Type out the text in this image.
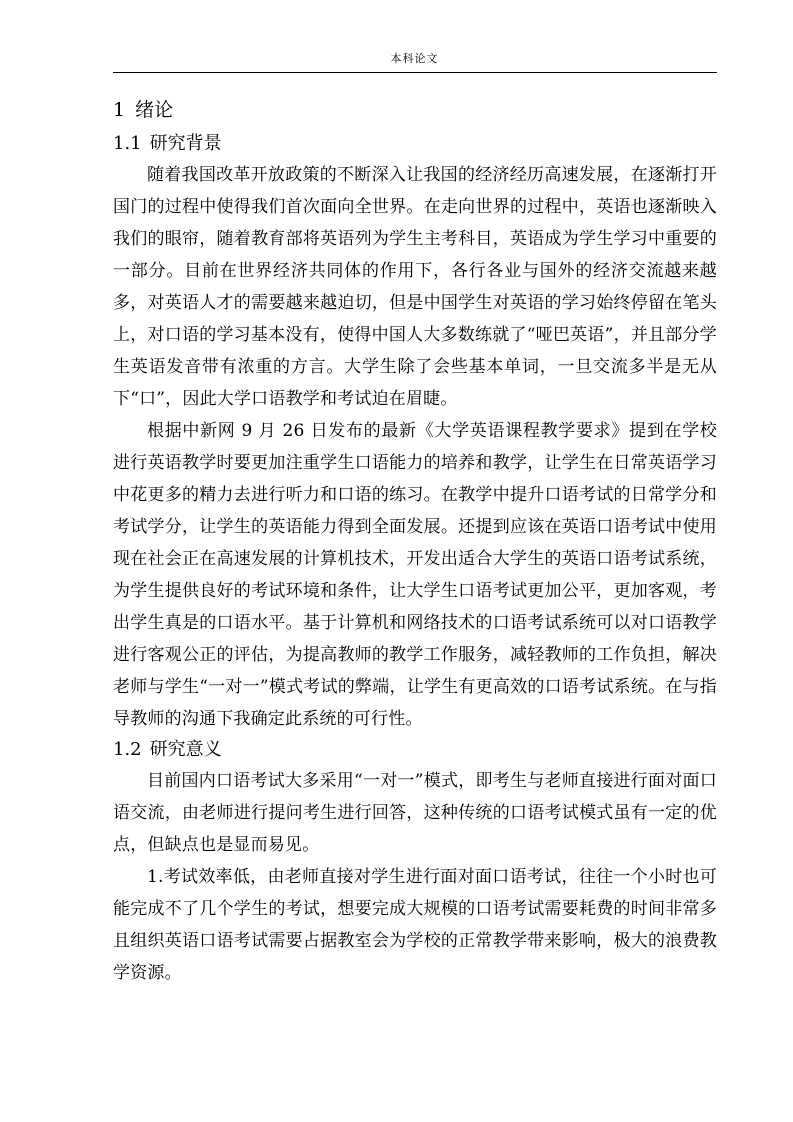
本科论文
1 绪论
1.1 研究背景

随着我国改革开放政策的不断深入让我国的经济经历高速发展，在逐渐打开国门的过程中使得我们首次面向全世界。在走向世界的过程中，英语也逐渐映入我们的眼帘，随着教育部将英语列为学生主考科目，英语成为学生学习中重要的一部分。目前在世界经济共同体的作用下，各行各业与国外的经济交流越来越多，对英语人才的需要越来越迫切，但是中国学生对英语的学习始终停留在笔头上，对口语的学习基本没有，使得中国人大多数练就了“哑巴英语”，并且部分学生英语发音带有浓重的方言。大学生除了会些基本单词，一旦交流多半是无从下“口”，因此大学口语教学和考试迫在眉睫。

根据中新网 9 月 26 日发布的最新《大学英语课程教学要求》提到在学校进行英语教学时要更加注重学生口语能力的培养和教学，让学生在日常英语学习中花更多的精力去进行听力和口语的练习。在教学中提升口语考试的日常学分和考试学分，让学生的英语能力得到全面发展。还提到应该在英语口语考试中使用现在社会正在高速发展的计算机技术，开发出适合大学生的英语口语考试系统，为学生提供良好的考试环境和条件，让大学生口语考试更加公平，更加客观，考出学生真是的口语水平。基于计算机和网络技术的口语考试系统可以对口语教学进行客观公正的评估，为提高教师的教学工作服务，减轻教师的工作负担，解决老师与学生“一对一”模式考试的弊端，让学生有更高效的口语考试系统。在与指导教师的沟通下我确定此系统的可行性。

1.2 研究意义

目前国内口语考试大多采用“一对一”模式，即考生与老师直接进行面对面口语交流，由老师进行提问考生进行回答，这种传统的口语考试模式虽有一定的优点，但缺点也是显而易见。

1.考试效率低，由老师直接对学生进行面对面口语考试，往往一个小时也可能完成不了几个学生的考试，想要完成大规模的口语考试需要耗费的时间非常多且组织英语口语考试需要占据教室会为学校的正常教学带来影响，极大的浪费教学资源。
